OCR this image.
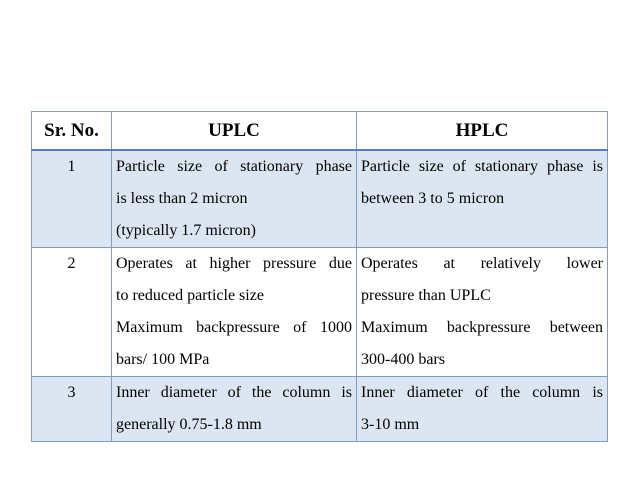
Sr. No.	UPLC	HPLC
1	Particle size of stationary phase
is less than 2 micron
(typically 1.7 micron)	Particle size of stationary phase is
between 3 to 5 micron

2	Operates at higher pressure due
to reduced particle size
Maximum backpressure of 1000
bars/ 100 MPa	Operates at relatively lower
pressure than UPLC
Maximum backpressure between
300-400 bars

3	Inner diameter of the column is
generally 0.75-1.8 mm	Inner diameter of the column is
3-10 mm
